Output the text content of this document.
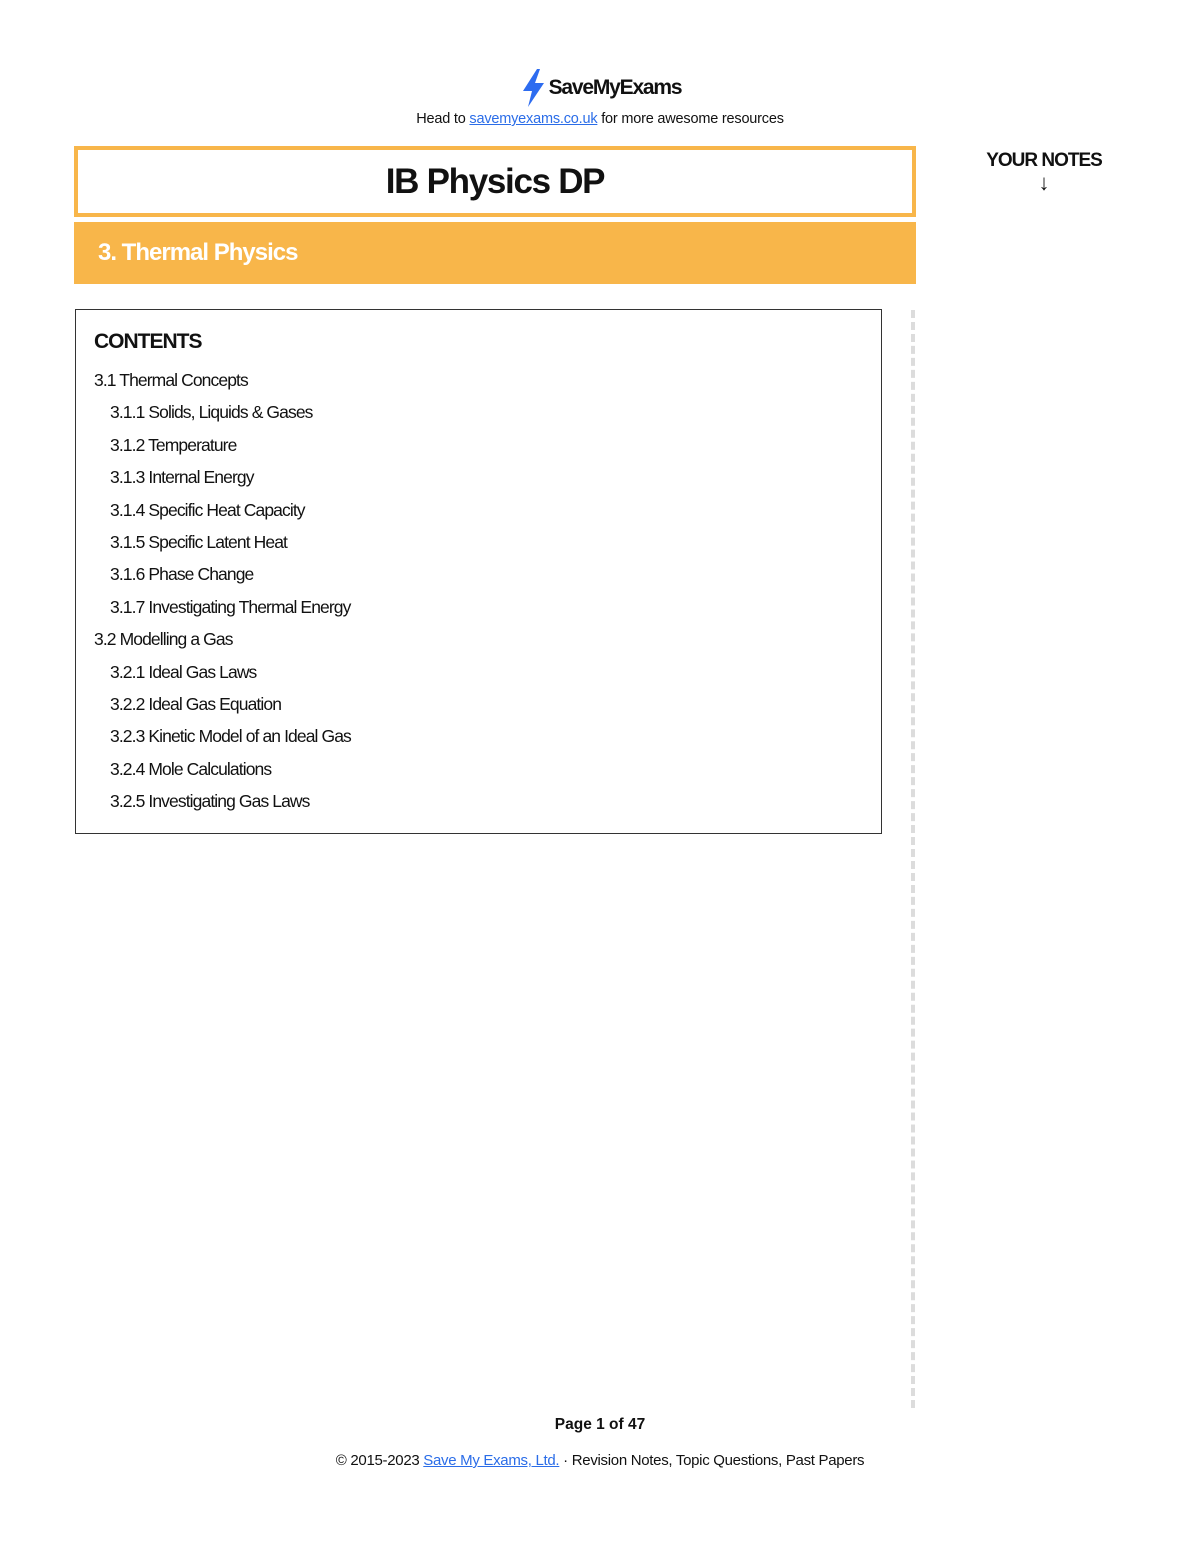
SaveMyExams
Head to savemyexams.co.uk for more awesome resources
IB Physics DP
3. Thermal Physics
YOUR NOTES
↓
CONTENTS
3.1 Thermal Concepts
3.1.1 Solids, Liquids & Gases
3.1.2 Temperature
3.1.3 Internal Energy
3.1.4 Specific Heat Capacity
3.1.5 Specific Latent Heat
3.1.6 Phase Change
3.1.7 Investigating Thermal Energy
3.2 Modelling a Gas
3.2.1 Ideal Gas Laws
3.2.2 Ideal Gas Equation
3.2.3 Kinetic Model of an Ideal Gas
3.2.4 Mole Calculations
3.2.5 Investigating Gas Laws
Page 1 of 47
© 2015-2023 Save My Exams, Ltd. · Revision Notes, Topic Questions, Past Papers
